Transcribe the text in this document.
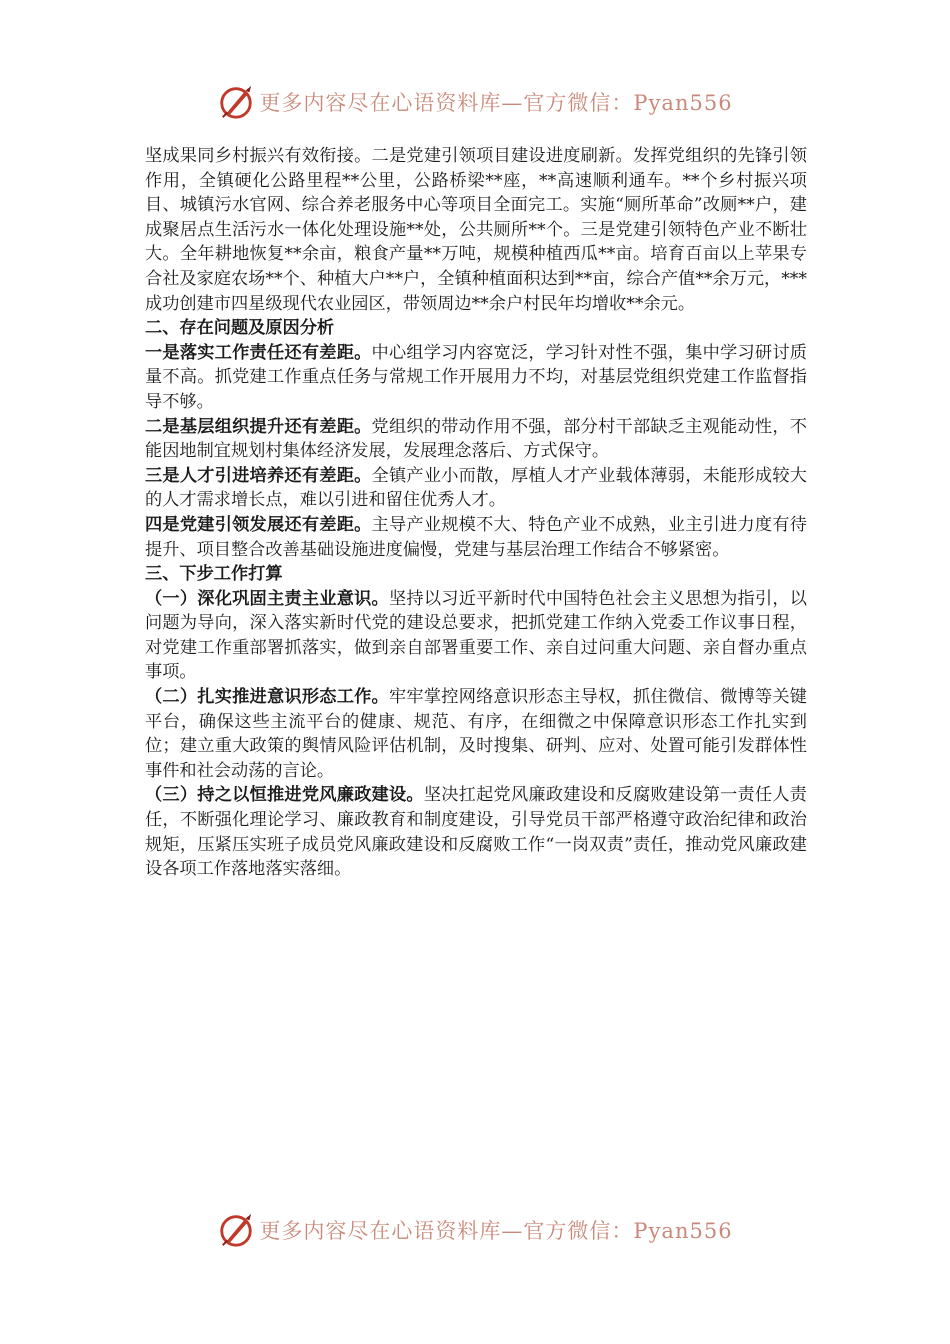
更多内容尽在心语资料库—官方微信：Pyan556

坚成果同乡村振兴有效衔接。二是党建引领项目建设进度刷新。发挥党组织的先锋引领作用，全镇硬化公路里程**公里，公路桥梁**座，**高速顺利通车。**个乡村振兴项目、城镇污水官网、综合养老服务中心等项目全面完工。实施“厕所革命”改厕**户，建成聚居点生活污水一体化处理设施**处，公共厕所**个。三是党建引领特色产业不断壮大。全年耕地恢复**余亩，粮食产量**万吨，规模种植西瓜**亩。培育百亩以上苹果专合社及家庭农场**个、种植大户**户，全镇种植面积达到**亩，综合产值**余万元，***成功创建市四星级现代农业园区，带领周边**余户村民年均增收**余元。

二、存在问题及原因分析

一是落实工作责任还有差距。中心组学习内容宽泛，学习针对性不强，集中学习研讨质量不高。抓党建工作重点任务与常规工作开展用力不均，对基层党组织党建工作监督指导不够。

二是基层组织提升还有差距。党组织的带动作用不强，部分村干部缺乏主观能动性，不能因地制宜规划村集体经济发展，发展理念落后、方式保守。

三是人才引进培养还有差距。全镇产业小而散，厚植人才产业载体薄弱，未能形成较大的人才需求增长点，难以引进和留住优秀人才。

四是党建引领发展还有差距。主导产业规模不大、特色产业不成熟，业主引进力度有待提升、项目整合改善基础设施进度偏慢，党建与基层治理工作结合不够紧密。

三、下步工作打算

（一）深化巩固主责主业意识。坚持以习近平新时代中国特色社会主义思想为指引，以问题为导向，深入落实新时代党的建设总要求，把抓党建工作纳入党委工作议事日程，对党建工作重部署抓落实，做到亲自部署重要工作、亲自过问重大问题、亲自督办重点事项。

（二）扎实推进意识形态工作。牢牢掌控网络意识形态主导权，抓住微信、微博等关键平台，确保这些主流平台的健康、规范、有序，在细微之中保障意识形态工作扎实到位；建立重大政策的舆情风险评估机制，及时搜集、研判、应对、处置可能引发群体性事件和社会动荡的言论。

（三）持之以恒推进党风廉政建设。坚决扛起党风廉政建设和反腐败建设第一责任人责任，不断强化理论学习、廉政教育和制度建设，引导党员干部严格遵守政治纪律和政治规矩，压紧压实班子成员党风廉政建设和反腐败工作“一岗双责”责任，推动党风廉政建设各项工作落地落实落细。

更多内容尽在心语资料库—官方微信：Pyan556
